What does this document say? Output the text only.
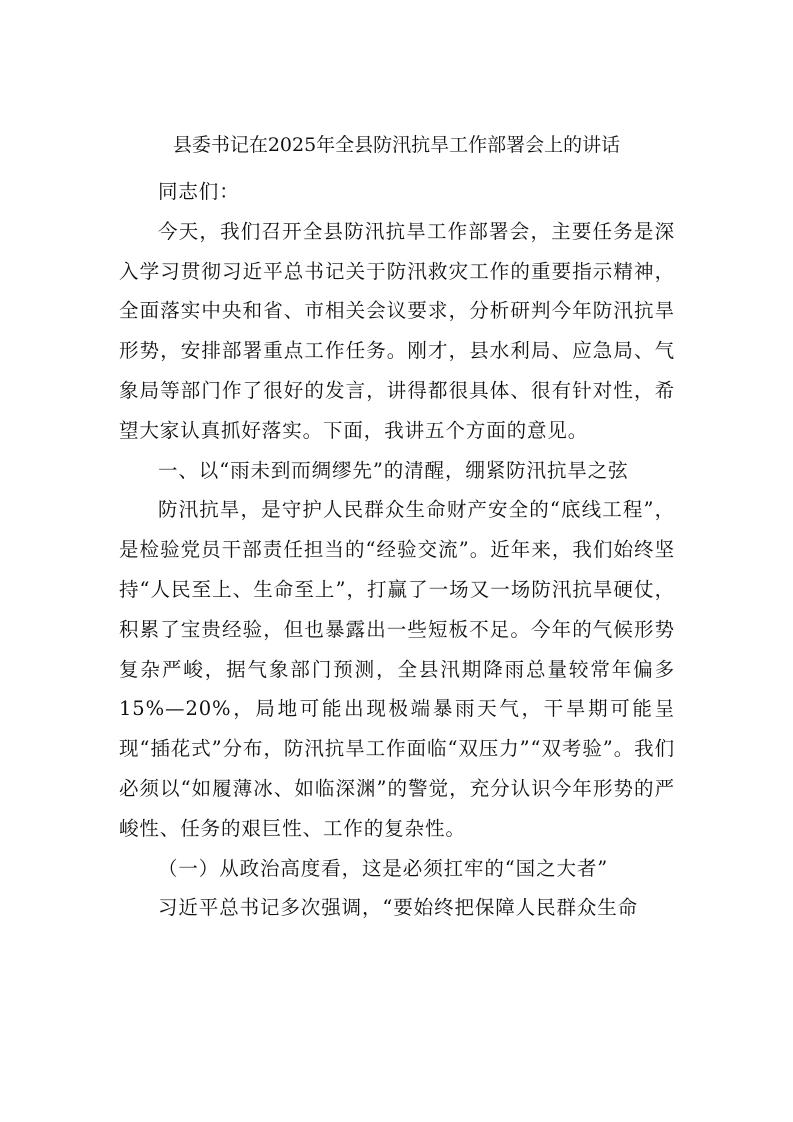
县委书记在2025年全县防汛抗旱工作部署会上的讲话

同志们：

今天，我们召开全县防汛抗旱工作部署会，主要任务是深入学习贯彻习近平总书记关于防汛救灾工作的重要指示精神，全面落实中央和省、市相关会议要求，分析研判今年防汛抗旱形势，安排部署重点工作任务。刚才，县水利局、应急局、气象局等部门作了很好的发言，讲得都很具体、很有针对性，希望大家认真抓好落实。下面，我讲五个方面的意见。

一、以“雨未到而绸缪先”的清醒，绷紧防汛抗旱之弦

防汛抗旱，是守护人民群众生命财产安全的“底线工程”，是检验党员干部责任担当的“经验交流”。近年来，我们始终坚持“人民至上、生命至上”，打赢了一场又一场防汛抗旱硬仗，积累了宝贵经验，但也暴露出一些短板不足。今年的气候形势复杂严峻，据气象部门预测，全县汛期降雨总量较常年偏多15%—20%，局地可能出现极端暴雨天气，干旱期可能呈现“插花式”分布，防汛抗旱工作面临“双压力”“双考验”。我们必须以“如履薄冰、如临深渊”的警觉，充分认识今年形势的严峻性、任务的艰巨性、工作的复杂性。

（一）从政治高度看，这是必须扛牢的“国之大者”

习近平总书记多次强调，“要始终把保障人民群众生命
